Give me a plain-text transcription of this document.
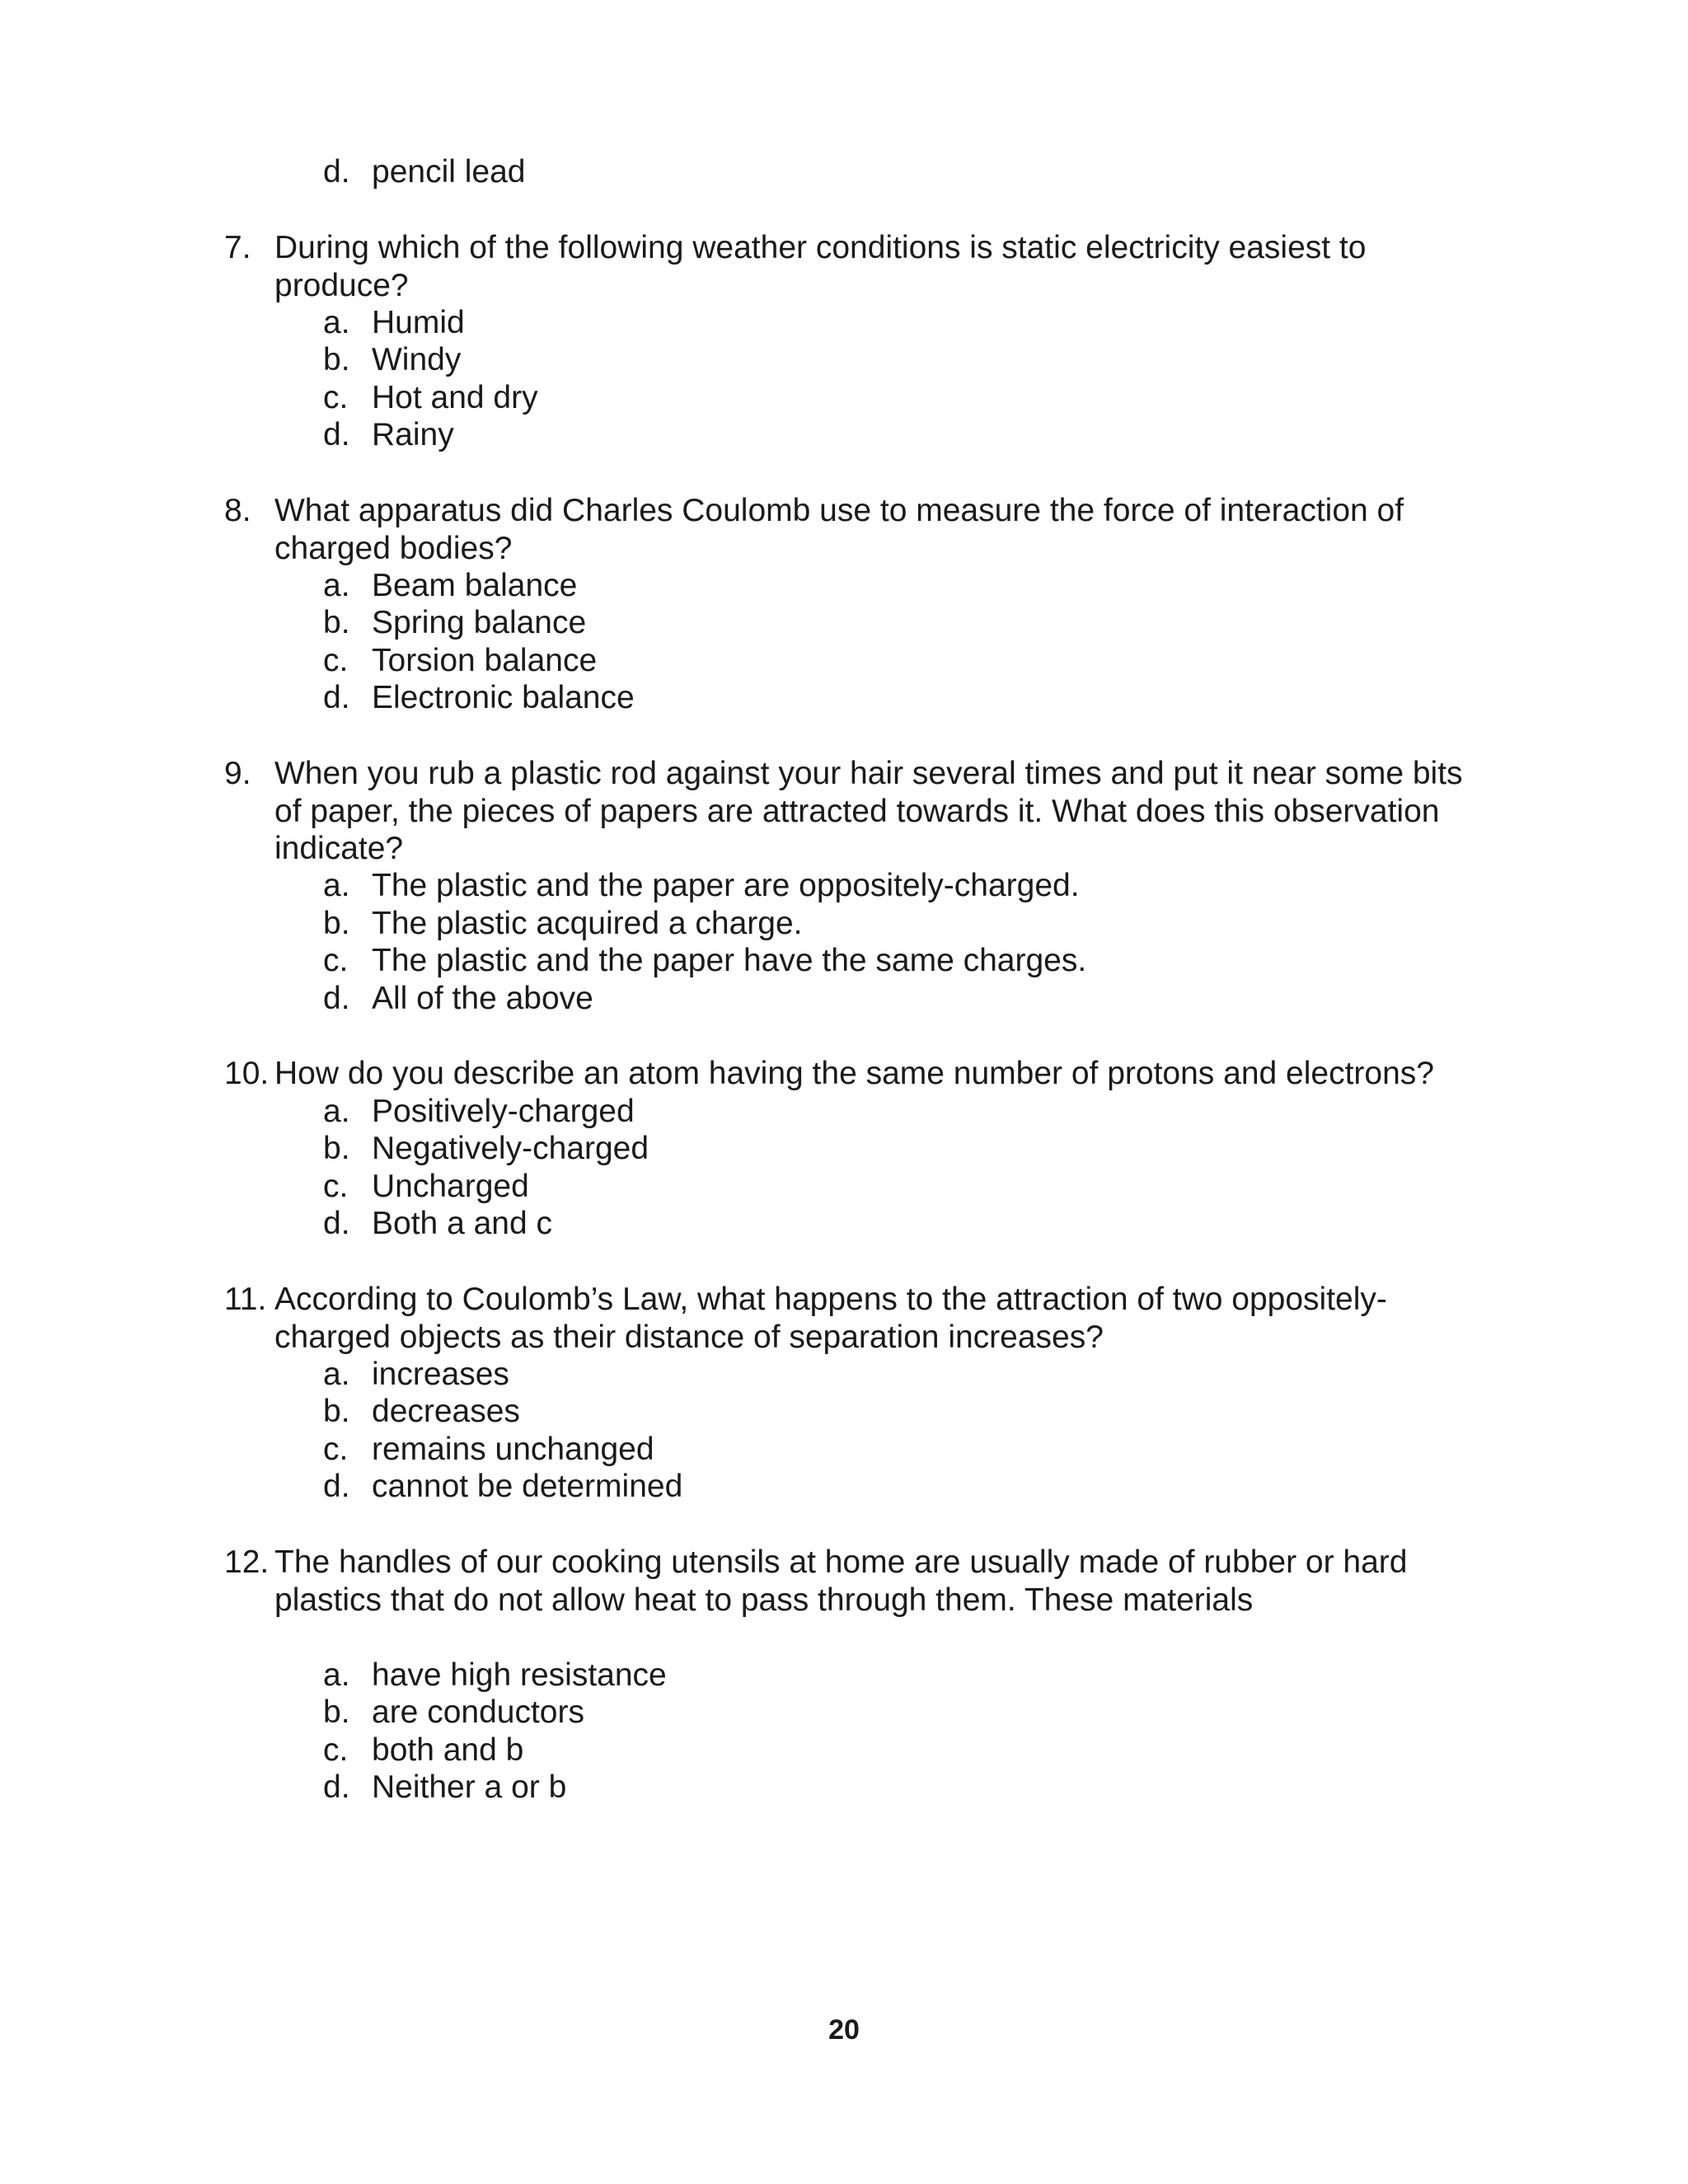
d. pencil lead
7. During which of the following weather conditions is static electricity easiest to
produce?
a. Humid
b. Windy
c. Hot and dry
d. Rainy
8. What apparatus did Charles Coulomb use to measure the force of interaction of
charged bodies?
a. Beam balance
b. Spring balance
c. Torsion balance
d. Electronic balance
9. When you rub a plastic rod against your hair several times and put it near some bits
of paper, the pieces of papers are attracted towards it. What does this observation
indicate?
a. The plastic and the paper are oppositely-charged.
b. The plastic acquired a charge.
c. The plastic and the paper have the same charges.
d. All of the above
10. How do you describe an atom having the same number of protons and electrons?
a. Positively-charged
b. Negatively-charged
c. Uncharged
d. Both a and c
11. According to Coulomb’s Law, what happens to the attraction of two oppositely-
charged objects as their distance of separation increases?
a. increases
b. decreases
c. remains unchanged
d. cannot be determined
12. The handles of our cooking utensils at home are usually made of rubber or hard
plastics that do not allow heat to pass through them. These materials
a. have high resistance
b. are conductors
c. both and b
d. Neither a or b
20
